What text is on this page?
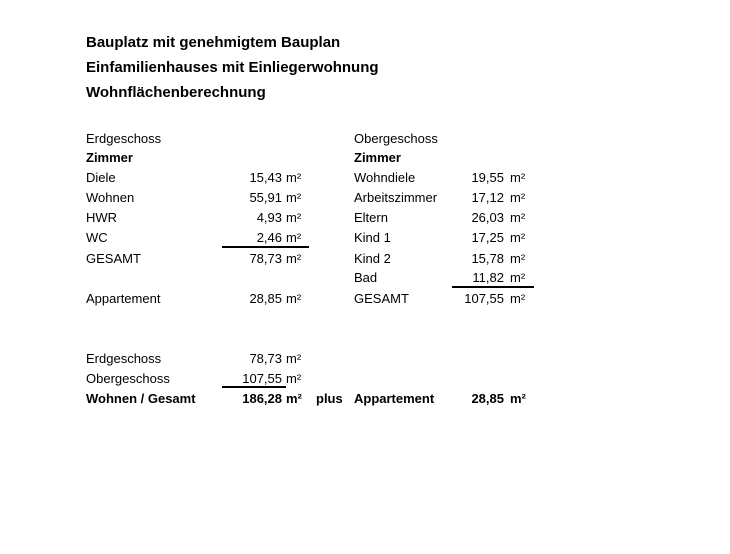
Bauplatz mit genehmigtem Bauplan
Einfamilienhauses mit Einliegerwohnung
Wohnflächenberechnung
Erdgeschoss
Zimmer
Diele	15,43 m²
Wohnen	55,91 m²
HWR	4,93 m²
WC	2,46 m²
GESAMT	78,73 m²
Appartement	28,85 m²
Obergeschoss
Zimmer
Wohndiele	19,55 m²
Arbeitszimmer	17,12 m²
Eltern	26,03 m²
Kind 1	17,25 m²
Kind 2	15,78 m²
Bad	11,82 m²
GESAMT	107,55 m²
Erdgeschoss	78,73 m²
Obergeschoss	107,55 m²
Wohnen / Gesamt	186,28 m² plus Appartement	28,85 m²
